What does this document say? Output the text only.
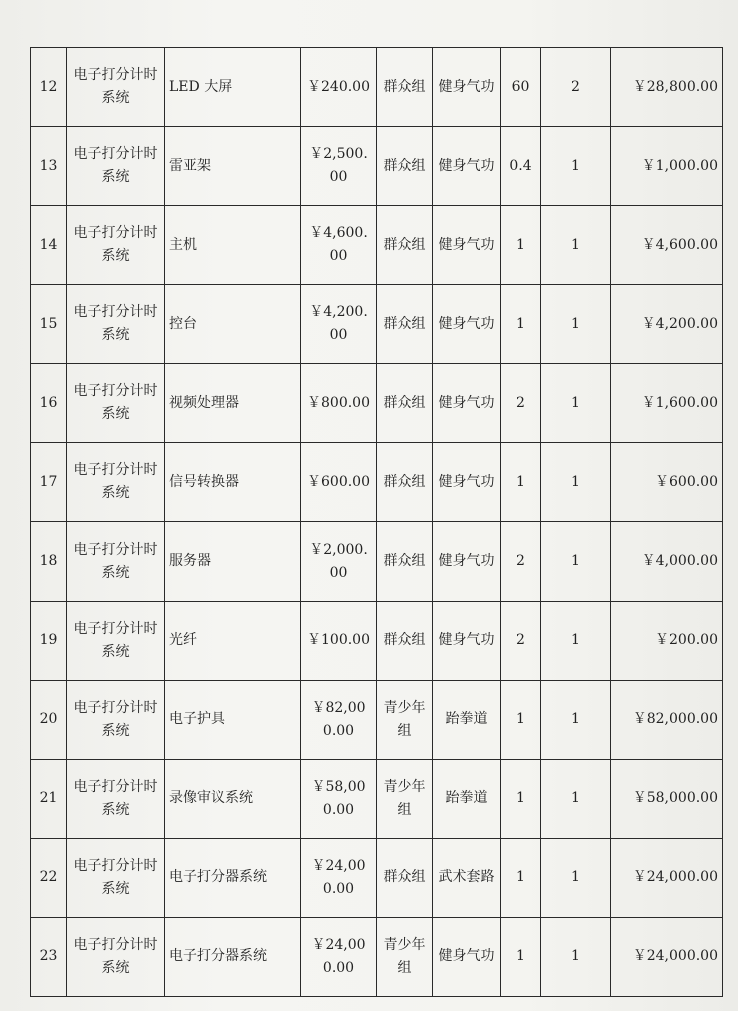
12	电子打分计时系统	LED 大屏	￥240.00	群众组	健身气功	60	2	￥28,800.00
13	电子打分计时系统	雷亚架	￥2,500.00	群众组	健身气功	0.4	1	￥1,000.00
14	电子打分计时系统	主机	￥4,600.00	群众组	健身气功	1	1	￥4,600.00
15	电子打分计时系统	控台	￥4,200.00	群众组	健身气功	1	1	￥4,200.00
16	电子打分计时系统	视频处理器	￥800.00	群众组	健身气功	2	1	￥1,600.00
17	电子打分计时系统	信号转换器	￥600.00	群众组	健身气功	1	1	￥600.00
18	电子打分计时系统	服务器	￥2,000.00	群众组	健身气功	2	1	￥4,000.00
19	电子打分计时系统	光纤	￥100.00	群众组	健身气功	2	1	￥200.00
20	电子打分计时系统	电子护具	￥82,000.00	青少年组	跆拳道	1	1	￥82,000.00
21	电子打分计时系统	录像审议系统	￥58,000.00	青少年组	跆拳道	1	1	￥58,000.00
22	电子打分计时系统	电子打分器系统	￥24,000.00	群众组	武术套路	1	1	￥24,000.00
23	电子打分计时系统	电子打分器系统	￥24,000.00	青少年组	健身气功	1	1	￥24,000.00
